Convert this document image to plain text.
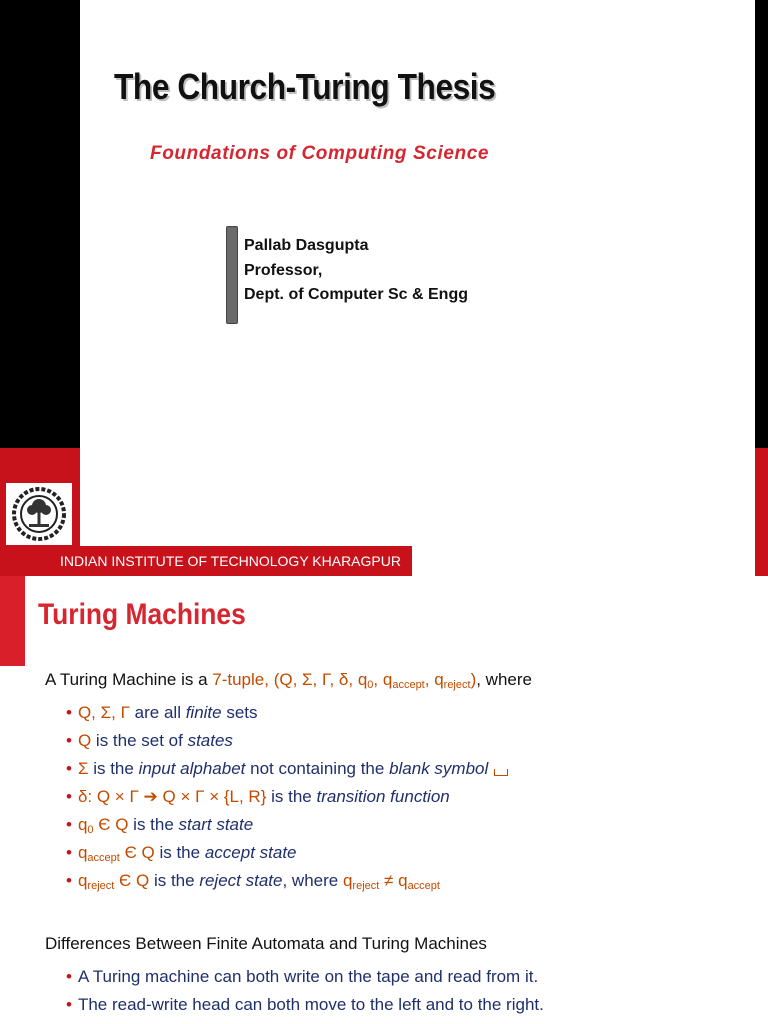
The Church-Turing Thesis
Foundations of Computing Science
Pallab Dasgupta
Professor,
Dept. of Computer Sc & Engg
INDIAN INSTITUTE OF TECHNOLOGY KHARAGPUR
Turing Machines
A Turing Machine is a 7-tuple, (Q, Σ, Γ, δ, $q_0$, $q_{accept}$, $q_{reject}$), where
• Q, Σ, Γ are all finite sets
• Q is the set of states
• Σ is the input alphabet not containing the blank symbol
• δ: Q × Γ ➔ Q × Γ × {L, R} is the transition function
• $q_0$ Є Q is the start state
• $q_{accept}$ Є Q is the accept state
• $q_{reject}$ Є Q is the reject state, where $q_{reject} \ne q_{accept}$
Differences Between Finite Automata and Turing Machines
• A Turing machine can both write on the tape and read from it.
• The read-write head can both move to the left and to the right.
